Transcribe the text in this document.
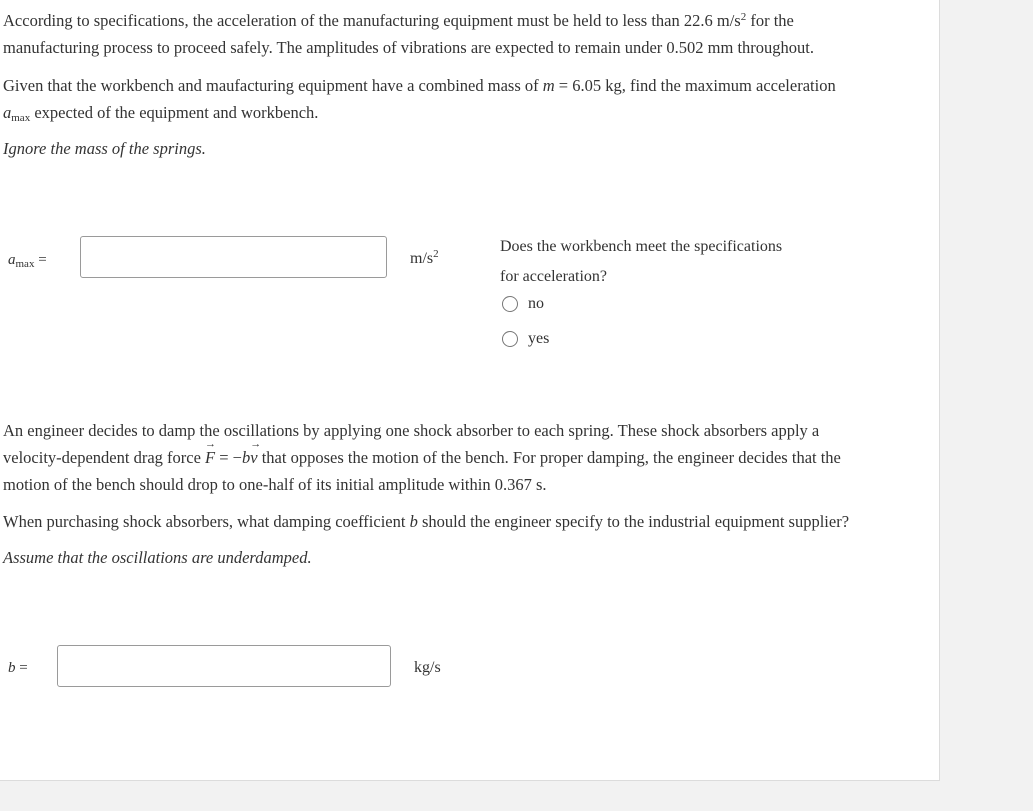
According to specifications, the acceleration of the manufacturing equipment must be held to less than 22.6 $m/s^2$ for the
manufacturing process to proceed safely. The amplitudes of vibrations are expected to remain under 0.502 mm throughout.

Given that the workbench and maufacturing equipment have a combined mass of m = 6.05 kg, find the maximum acceleration
$a_{max}$ expected of the equipment and workbench.

Ignore the mass of the springs.

$a_{max}$ =	$m/s^2$	Does the workbench meet the specifications
for acceleration?
no
yes

An engineer decides to damp the oscillations by applying one shock absorber to each spring. These shock absorbers apply a
velocity-dependent drag force → F = −b→ v that opposes the motion of the bench. For proper damping, the engineer decides that the
motion of the bench should drop to one-half of its initial amplitude within 0.367 s.

When purchasing shock absorbers, what damping coefficient b should the engineer specify to the industrial equipment supplier?

Assume that the oscillations are underdamped.

b =	kg/s
